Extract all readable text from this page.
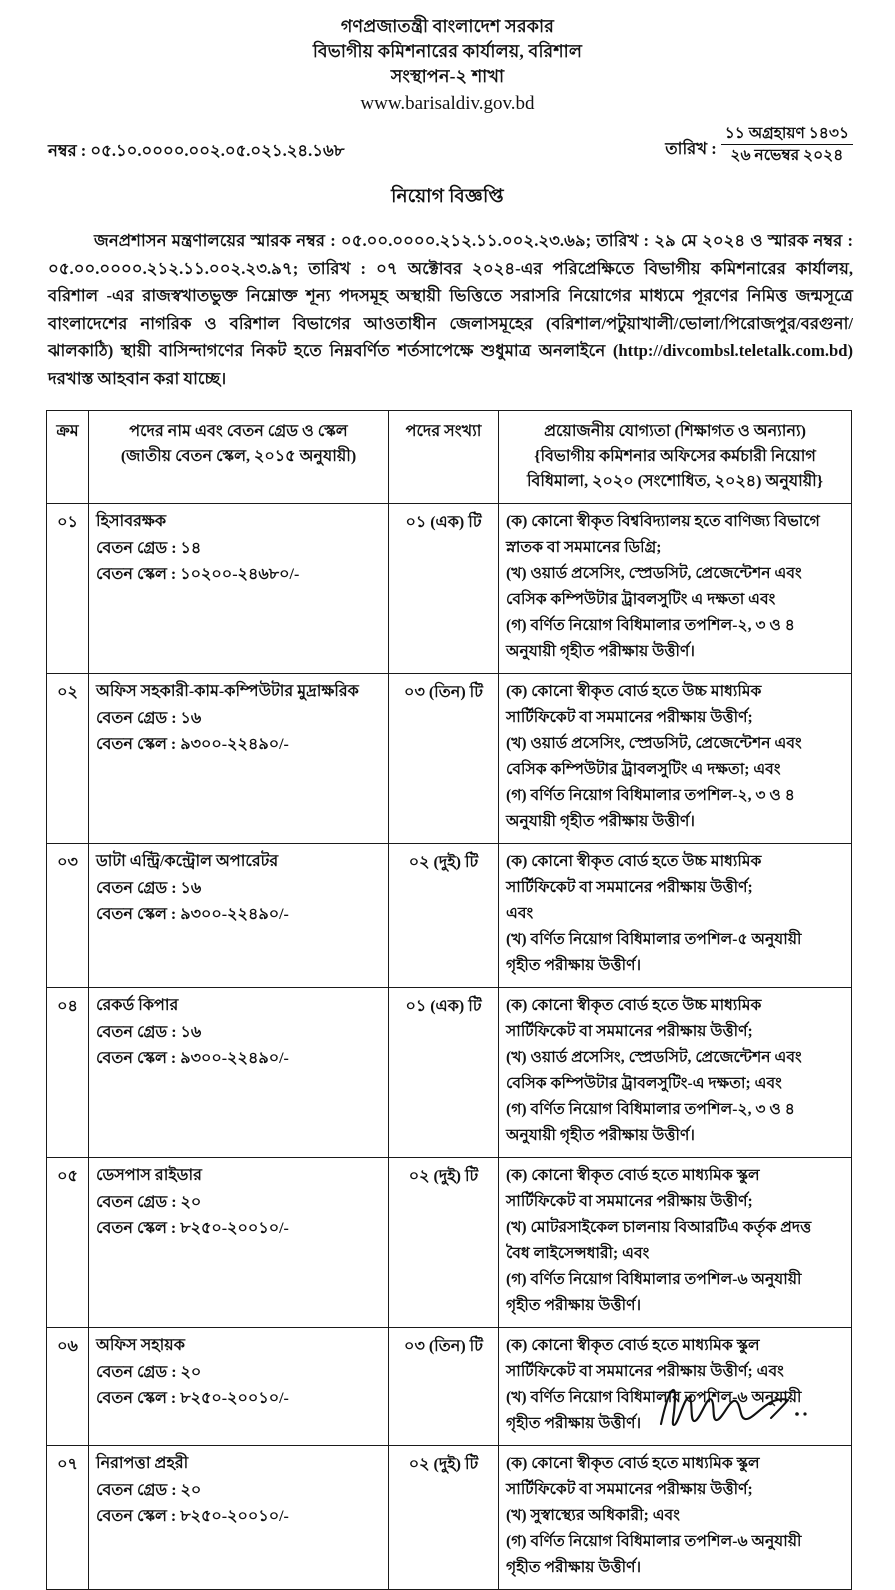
গণপ্রজাতন্ত্রী বাংলাদেশ সরকার
বিভাগীয় কমিশনারের কার্যালয়, বরিশাল
সংস্থাপন-২ শাখা
www.barisaldiv.gov.bd
নম্বর : ০৫.১০.০০০০.০০২.০৫.০২১.২৪.১৬৮	তারিখ :
১১ অগ্রহায়ণ ১৪৩১
২৬ নভেম্বর ২০২৪
নিয়োগ বিজ্ঞপ্তি

জনপ্রশাসন মন্ত্রণালয়ের স্মারক নম্বর : ০৫.০০.০০০০.২১২.১১.০০২.২৩.৬৯; তারিখ : ২৯ মে ২০২৪ ও স্মারক নম্বর : ০৫.০০.০০০০.২১২.১১.০০২.২৩.৯৭; তারিখ : ০৭ অক্টোবর ২০২৪-এর পরিপ্রেক্ষিতে বিভাগীয় কমিশনারের কার্যালয়, বরিশাল -এর রাজস্বখাতভুক্ত নিম্নোক্ত শূন্য পদসমূহ অস্থায়ী ভিত্তিতে সরাসরি নিয়োগের মাধ্যমে পূরণের নিমিত্ত জন্মসূত্রে বাংলাদেশের নাগরিক ও বরিশাল বিভাগের আওতাধীন জেলাসমূহের (বরিশাল/পটুয়াখালী/ভোলা/পিরোজপুর/বরগুনা/ঝালকাঠি) স্থায়ী বাসিন্দাগণের নিকট হতে নিম্নবর্ণিত শর্তসাপেক্ষে শুধুমাত্র অনলাইনে (http://divcombsl.teletalk.com.bd) দরখাস্ত আহবান করা যাচ্ছে।

ক্রম	পদের নাম এবং বেতন গ্রেড ও স্কেল
(জাতীয় বেতন স্কেল, ২০১৫ অনুযায়ী)
	পদের সংখ্যা	প্রয়োজনীয় যোগ্যতা (শিক্ষাগত ও অন্যান্য)
{বিভাগীয় কমিশনার অফিসের কর্মচারী নিয়োগ
বিধিমালা, ২০২০ (সংশোধিত, ২০২৪) অনুযায়ী}

০১	হিসাবরক্ষক
বেতন গ্রেড : ১৪
বেতন স্কেল : ১০২০০-২৪৬৮০/-
	০১ (এক) টি	(ক) কোনো স্বীকৃত বিশ্ববিদ্যালয় হতে বাণিজ্য বিভাগে
স্নাতক বা সমমানের ডিগ্রি;
(খ) ওয়ার্ড প্রসেসিং, স্প্রেডসিট, প্রেজেন্টেশন এবং
বেসিক কম্পিউটার ট্রাবলসুটিং এ দক্ষতা এবং
(গ) বর্ণিত নিয়োগ বিধিমালার তপশিল-২, ৩ ও ৪
অনুযায়ী গৃহীত পরীক্ষায় উত্তীর্ণ।

০২	অফিস সহকারী-কাম-কম্পিউটার মুদ্রাক্ষরিক
বেতন গ্রেড : ১৬
বেতন স্কেল : ৯৩০০-২২৪৯০/-
	০৩ (তিন) টি	(ক) কোনো স্বীকৃত বোর্ড হতে উচ্চ মাধ্যমিক
সার্টিফিকেট বা সমমানের পরীক্ষায় উত্তীর্ণ;
(খ) ওয়ার্ড প্রসেসিং, স্প্রেডসিট, প্রেজেন্টেশন এবং
বেসিক কম্পিউটার ট্রাবলসুটিং এ দক্ষতা; এবং
(গ) বর্ণিত নিয়োগ বিধিমালার তপশিল-২, ৩ ও ৪
অনুযায়ী গৃহীত পরীক্ষায় উত্তীর্ণ।

০৩	ডাটা এন্ট্রি/কন্ট্রোল অপারেটর
বেতন গ্রেড : ১৬
বেতন স্কেল : ৯৩০০-২২৪৯০/-	০২ (দুই) টি	(ক) কোনো স্বীকৃত বোর্ড হতে উচ্চ মাধ্যমিক
সার্টিফিকেট বা সমমানের পরীক্ষায় উত্তীর্ণ;
এবং
(খ) বর্ণিত নিয়োগ বিধিমালার তপশিল-৫ অনুযায়ী
গৃহীত পরীক্ষায় উত্তীর্ণ।

০৪	রেকর্ড কিপার
বেতন গ্রেড : ১৬
বেতন স্কেল : ৯৩০০-২২৪৯০/-
	০১ (এক) টি	(ক) কোনো স্বীকৃত বোর্ড হতে উচ্চ মাধ্যমিক
সার্টিফিকেট বা সমমানের পরীক্ষায় উত্তীর্ণ;
(খ) ওয়ার্ড প্রসেসিং, স্প্রেডসিট, প্রেজেন্টেশন এবং
বেসিক কম্পিউটার ট্রাবলসুটিং-এ দক্ষতা; এবং
(গ) বর্ণিত নিয়োগ বিধিমালার তপশিল-২, ৩ ও ৪
অনুযায়ী গৃহীত পরীক্ষায় উত্তীর্ণ।

০৫	ডেসপাস রাইডার
বেতন গ্রেড : ২০
বেতন স্কেল : ৮২৫০-২০০১০/-
	০২ (দুই) টি	(ক) কোনো স্বীকৃত বোর্ড হতে মাধ্যমিক স্কুল
সার্টিফিকেট বা সমমানের পরীক্ষায় উত্তীর্ণ;
(খ) মোটরসাইকেল চালনায় বিআরটিএ কর্তৃক প্রদত্ত
বৈধ লাইসেন্সধারী; এবং
(গ) বর্ণিত নিয়োগ বিধিমালার তপশিল-৬ অনুযায়ী
গৃহীত পরীক্ষায় উত্তীর্ণ।

০৬	অফিস সহায়ক
বেতন গ্রেড : ২০
বেতন স্কেল : ৮২৫০-২০০১০/-	০৩ (তিন) টি	(ক) কোনো স্বীকৃত বোর্ড হতে মাধ্যমিক স্কুল
সার্টিফিকেট বা সমমানের পরীক্ষায় উত্তীর্ণ; এবং
(খ) বর্ণিত নিয়োগ বিধিমালার তপশিল-৬ অনুযায়ী
গৃহীত পরীক্ষায় উত্তীর্ণ।

০৭	নিরাপত্তা প্রহরী
বেতন গ্রেড : ২০
বেতন স্কেল : ৮২৫০-২০০১০/-	০২ (দুই) টি	(ক) কোনো স্বীকৃত বোর্ড হতে মাধ্যমিক স্কুল
সার্টিফিকেট বা সমমানের পরীক্ষায় উত্তীর্ণ;
(খ) সুস্বাস্থ্যের অধিকারী; এবং
(গ) বর্ণিত নিয়োগ বিধিমালার তপশিল-৬ অনুযায়ী
গৃহীত পরীক্ষায় উত্তীর্ণ।
